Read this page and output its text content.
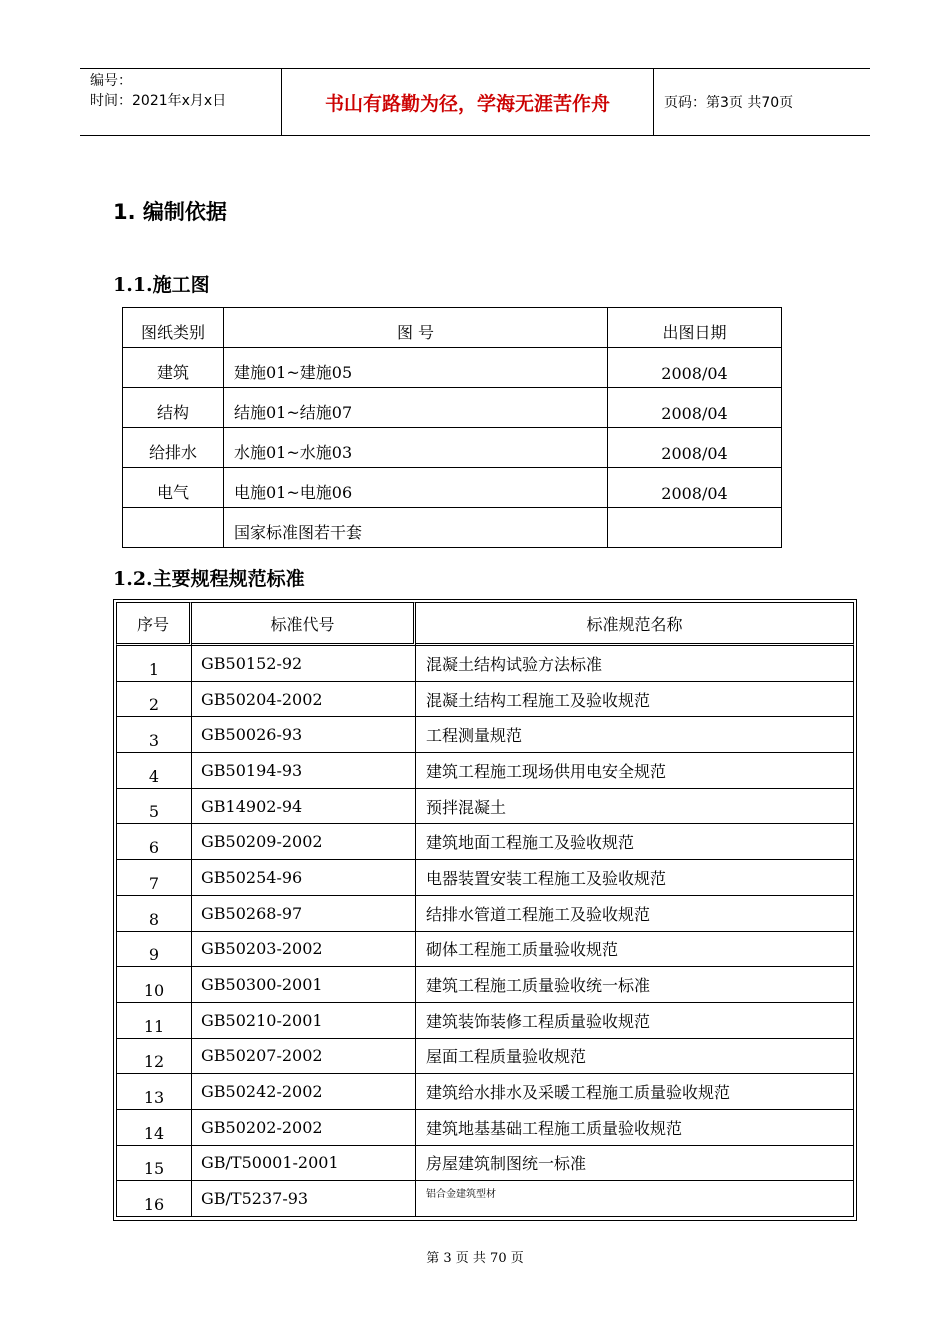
编号：
时间：2021年x月x日	书山有路勤为径，学海无涯苦作舟	页码：第3页 共70页
1. 编制依据
1.1.施工图
图纸类别	图 号	出图日期
建筑	建施01~建施05	2008/04
结构	结施01~结施07	2008/04
给排水	水施01~水施03	2008/04
电气	电施01~电施06	2008/04
	国家标准图若干套	
1.2.主要规程规范标准
序号	标准代号	标准规范名称
1	GB50152-92	混凝土结构试验方法标准
2	GB50204-2002	混凝土结构工程施工及验收规范
3	GB50026-93	工程测量规范
4	GB50194-93	建筑工程施工现场供用电安全规范
5	GB14902-94	预拌混凝土
6	GB50209-2002	建筑地面工程施工及验收规范
7	GB50254-96	电器装置安装工程施工及验收规范
8	GB50268-97	结排水管道工程施工及验收规范
9	GB50203-2002	砌体工程施工质量验收规范
10	GB50300-2001	建筑工程施工质量验收统一标准
11	GB50210-2001	建筑装饰装修工程质量验收规范
12	GB50207-2002	屋面工程质量验收规范
13	GB50242-2002	建筑给水排水及采暖工程施工质量验收规范
14	GB50202-2002	建筑地基基础工程施工质量验收规范
15	GB/T50001-2001	房屋建筑制图统一标准
16	GB/T5237-93	铝合金建筑型材
第 3 页 共 70 页
